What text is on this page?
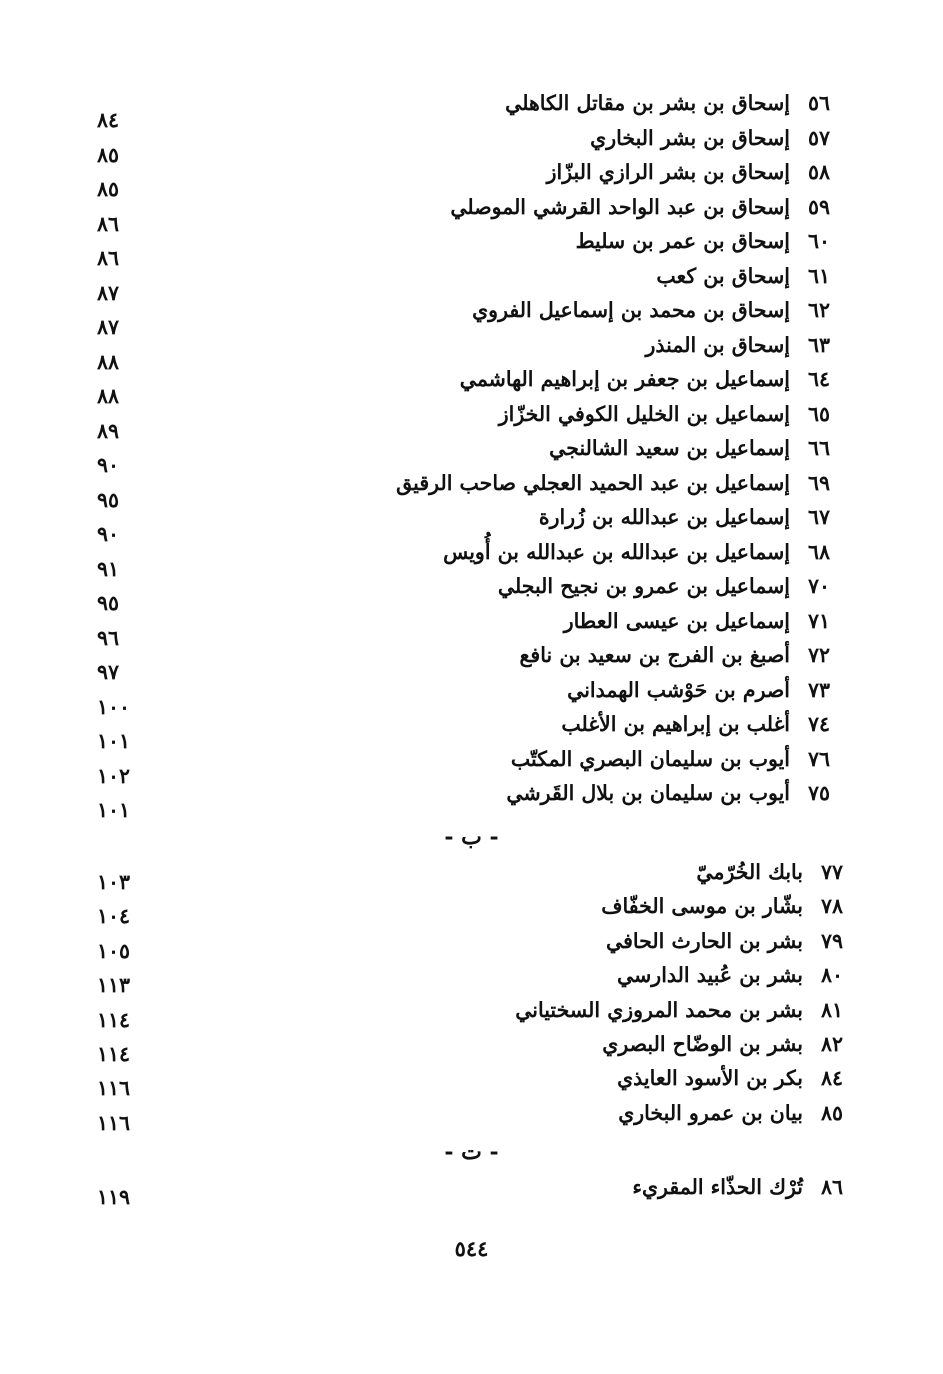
٥٦
إسحاق بن بشر بن مقاتل الكاهلي
٨٤
٥٧
إسحاق بن بشر البخاري
٨٥
٥٨
إسحاق بن بشر الرازي البزّاز
٨٥
٥٩
إسحاق بن عبد الواحد القرشي الموصلي
٨٦
٦٠
إسحاق بن عمر بن سليط
٨٦
٦١
إسحاق بن كعب
٨٧
٦٢
إسحاق بن محمد بن إسماعيل الفروي
٨٧
٦٣
إسحاق بن المنذر
٨٨
٦٤
إسماعيل بن جعفر بن إبراهيم الهاشمي
٨٨
٦٥
إسماعيل بن الخليل الكوفي الخزّاز
٨٩
٦٦
إسماعيل بن سعيد الشالنجي
٩٠
٦٩
إسماعيل بن عبد الحميد العجلي صاحب الرقيق
٩٥
٦٧
إسماعيل بن عبدالله بن زُرارة
٩٠
٦٨
إسماعيل بن عبدالله بن عبدالله بن أُويس
٩١
٧٠
إسماعيل بن عمرو بن نجيح البجلي
٩٥
٧١
إسماعيل بن عيسى العطار
٩٦
٧٢
أصبغ بن الفرج بن سعيد بن نافع
٩٧
٧٣
أصرم بن حَوْشب الهمداني
١٠٠
٧٤
أغلب بن إبراهيم بن الأغلب
١٠١
٧٦
أيوب بن سليمان البصري المكتّب
١٠٢
٧٥
أيوب بن سليمان بن بلال القَرشي
١٠١
- ب -
٧٧
بابك الخُرّميّ
١٠٣
٧٨
بشّار بن موسى الخفّاف
١٠٤
٧٩
بشر بن الحارث الحافي
١٠٥
٨٠
بشر بن عُبيد الدارسي
١١٣
٨١
بشر بن محمد المروزي السختياني
١١٤
٨٢
بشر بن الوضّاح البصري
١١٤
٨٤
بكر بن الأسود العايذي
١١٦
٨٥
بيان بن عمرو البخاري
١١٦
- ت -
٨٦
تُرْك الحذّاء المقريء
١١٩
٥٤٤
